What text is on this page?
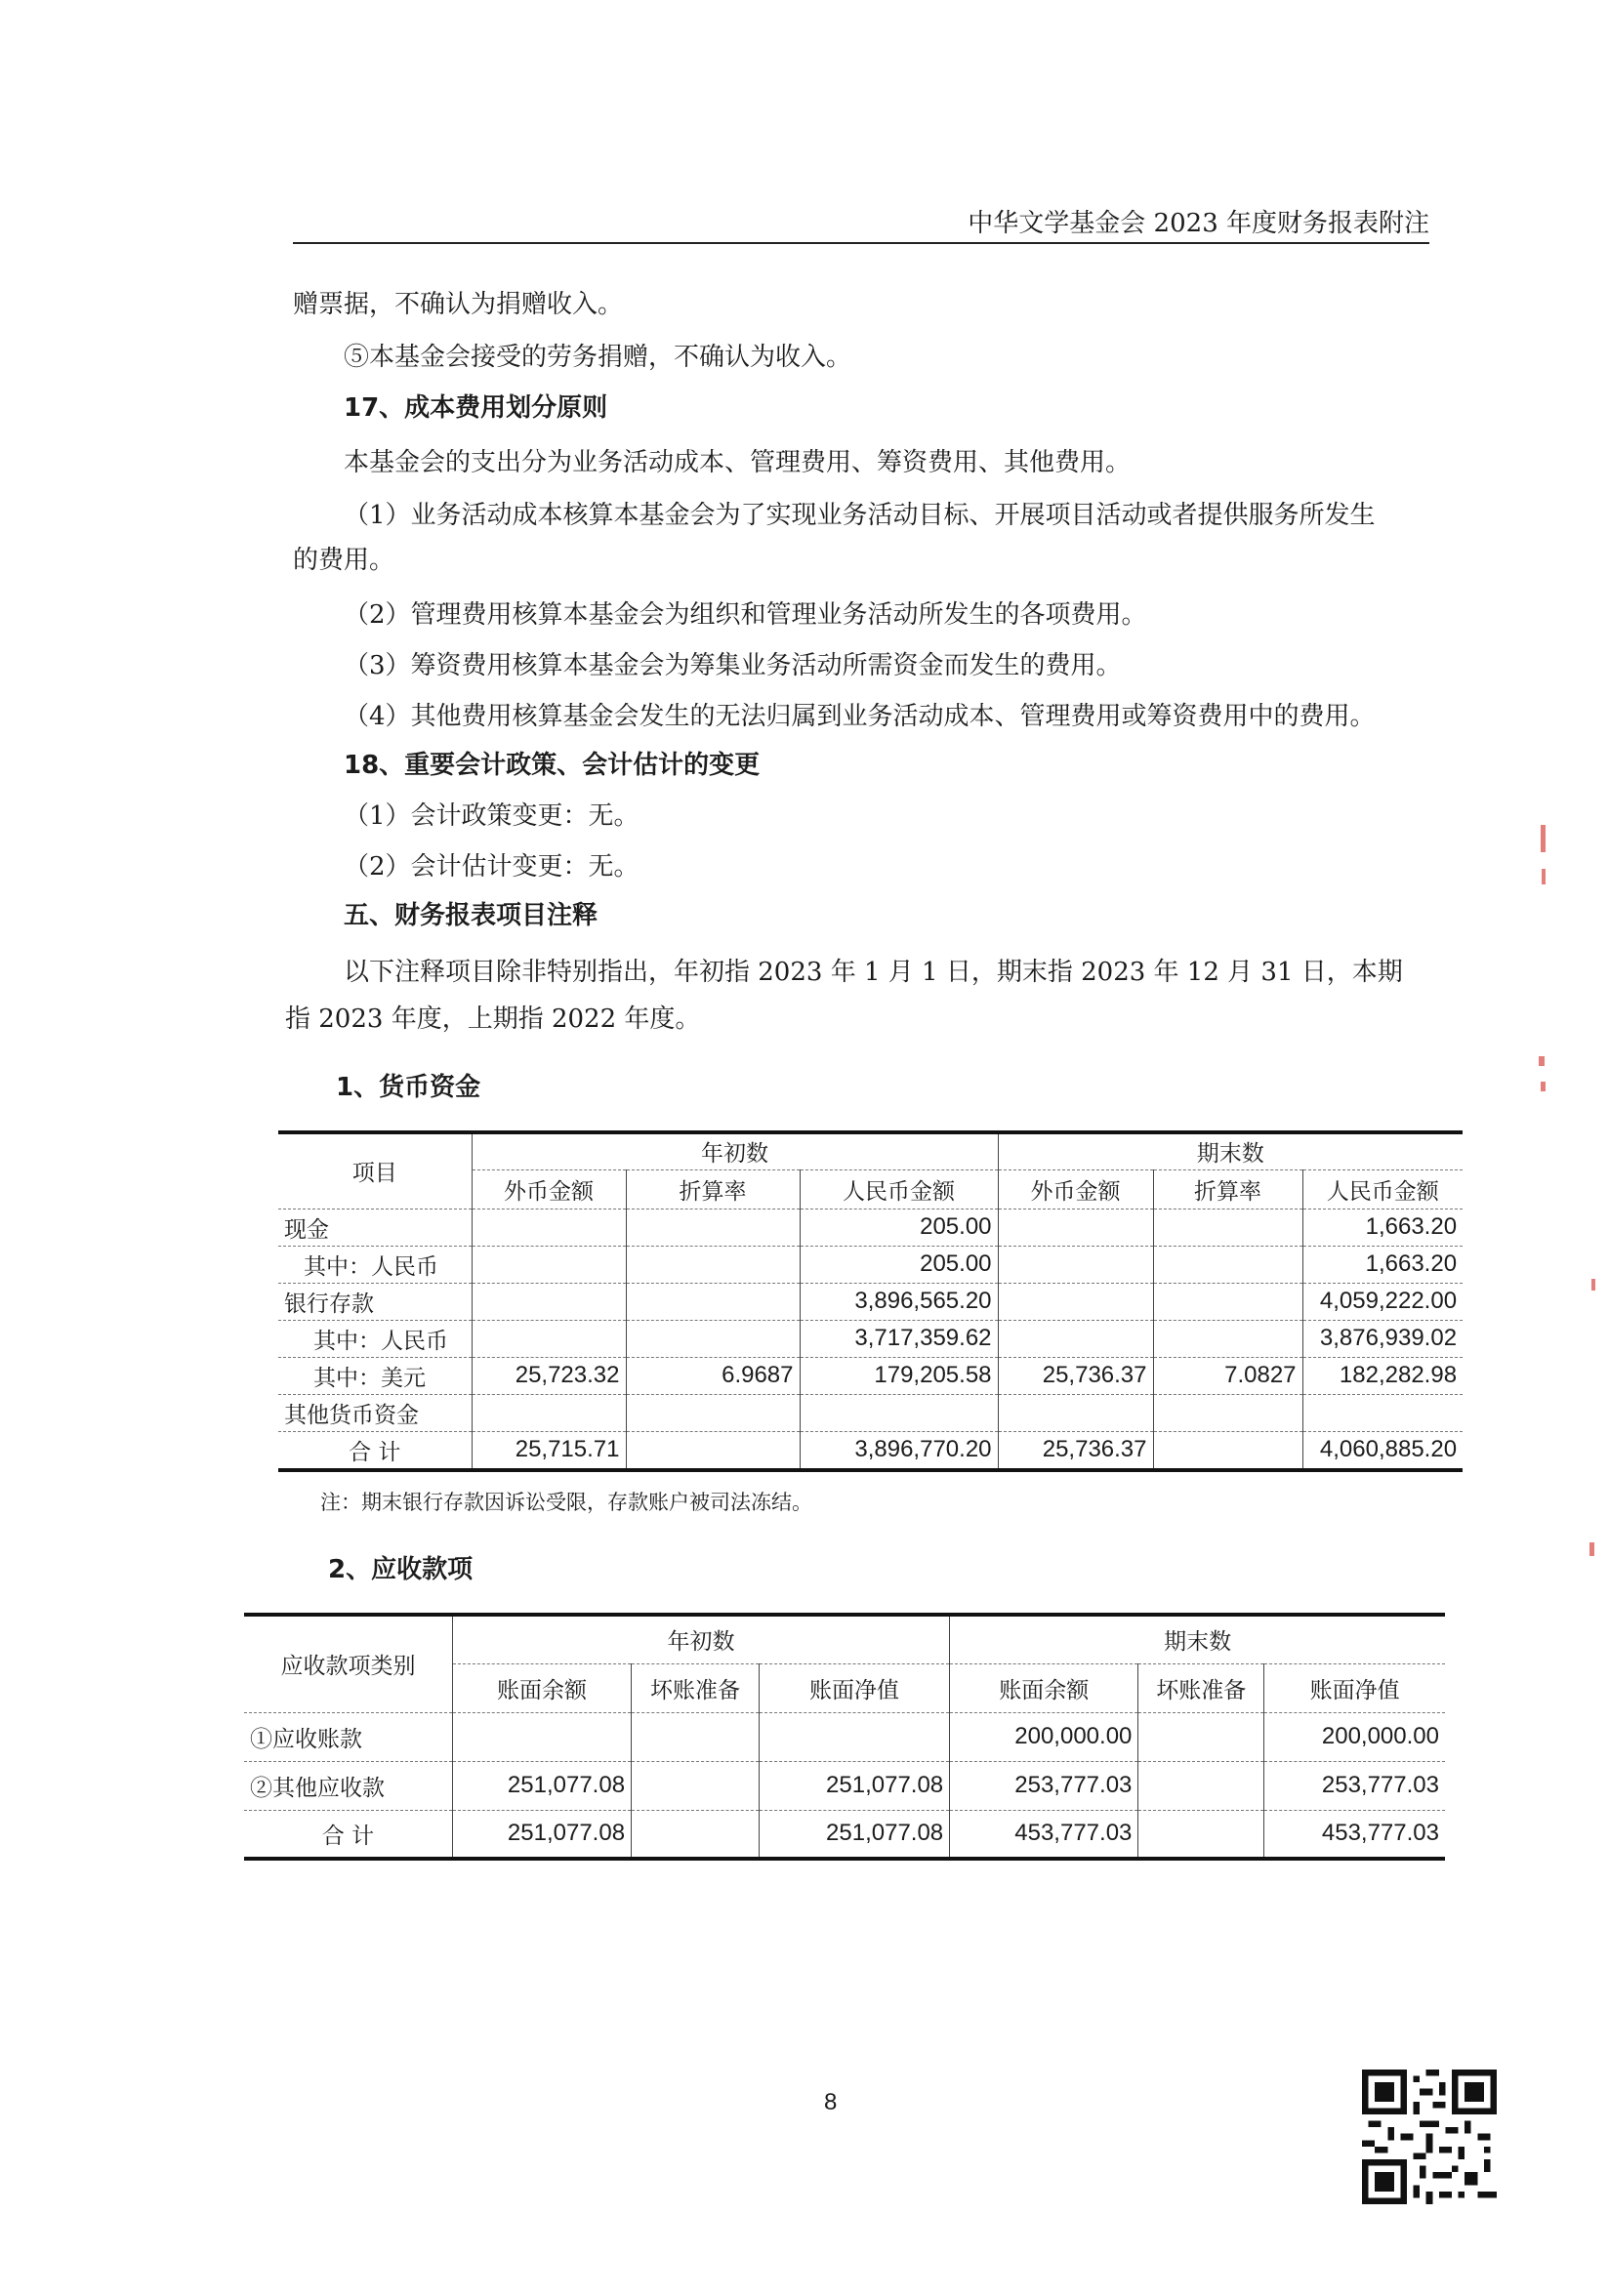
中华文学基金会 2023 年度财务报表附注
赠票据，不确认为捐赠收入。
⑤本基金会接受的劳务捐赠，不确认为收入。
17、成本费用划分原则
本基金会的支出分为业务活动成本、管理费用、筹资费用、其他费用。
（1）业务活动成本核算本基金会为了实现业务活动目标、开展项目活动或者提供服务所发生
的费用。
（2）管理费用核算本基金会为组织和管理业务活动所发生的各项费用。
（3）筹资费用核算本基金会为筹集业务活动所需资金而发生的费用。
（4）其他费用核算基金会发生的无法归属到业务活动成本、管理费用或筹资费用中的费用。
18、重要会计政策、会计估计的变更
（1）会计政策变更：无。
（2）会计估计变更：无。
五、财务报表项目注释
以下注释项目除非特别指出，年初指 2023 年 1 月 1 日，期末指 2023 年 12 月 31 日，本期
指 2023 年度，上期指 2022 年度。
1、货币资金
项目	年初数			期末数		
	外币金额	折算率	人民币金额	外币金额	折算率	人民币金额
现金			205.00			1,663.20
其中：人民币			205.00			1,663.20
银行存款			3,896,565.20			4,059,222.00
其中：人民币			3,717,359.62			3,876,939.02
其中：美元	25,723.32	6.9687	179,205.58	25,736.37	7.0827	182,282.98
其他货币资金						
合 计	25,715.71		3,896,770.20	25,736.37		4,060,885.20
注：期末银行存款因诉讼受限，存款账户被司法冻结。
2、应收款项
应收款项类别	年初数			期末数		
	账面余额	坏账准备	账面净值	账面余额	坏账准备	账面净值
①应收账款				200,000.00		200,000.00
②其他应收款	251,077.08		251,077.08	253,777.03		253,777.03
合 计	251,077.08		251,077.08	453,777.03		453,777.03
8
